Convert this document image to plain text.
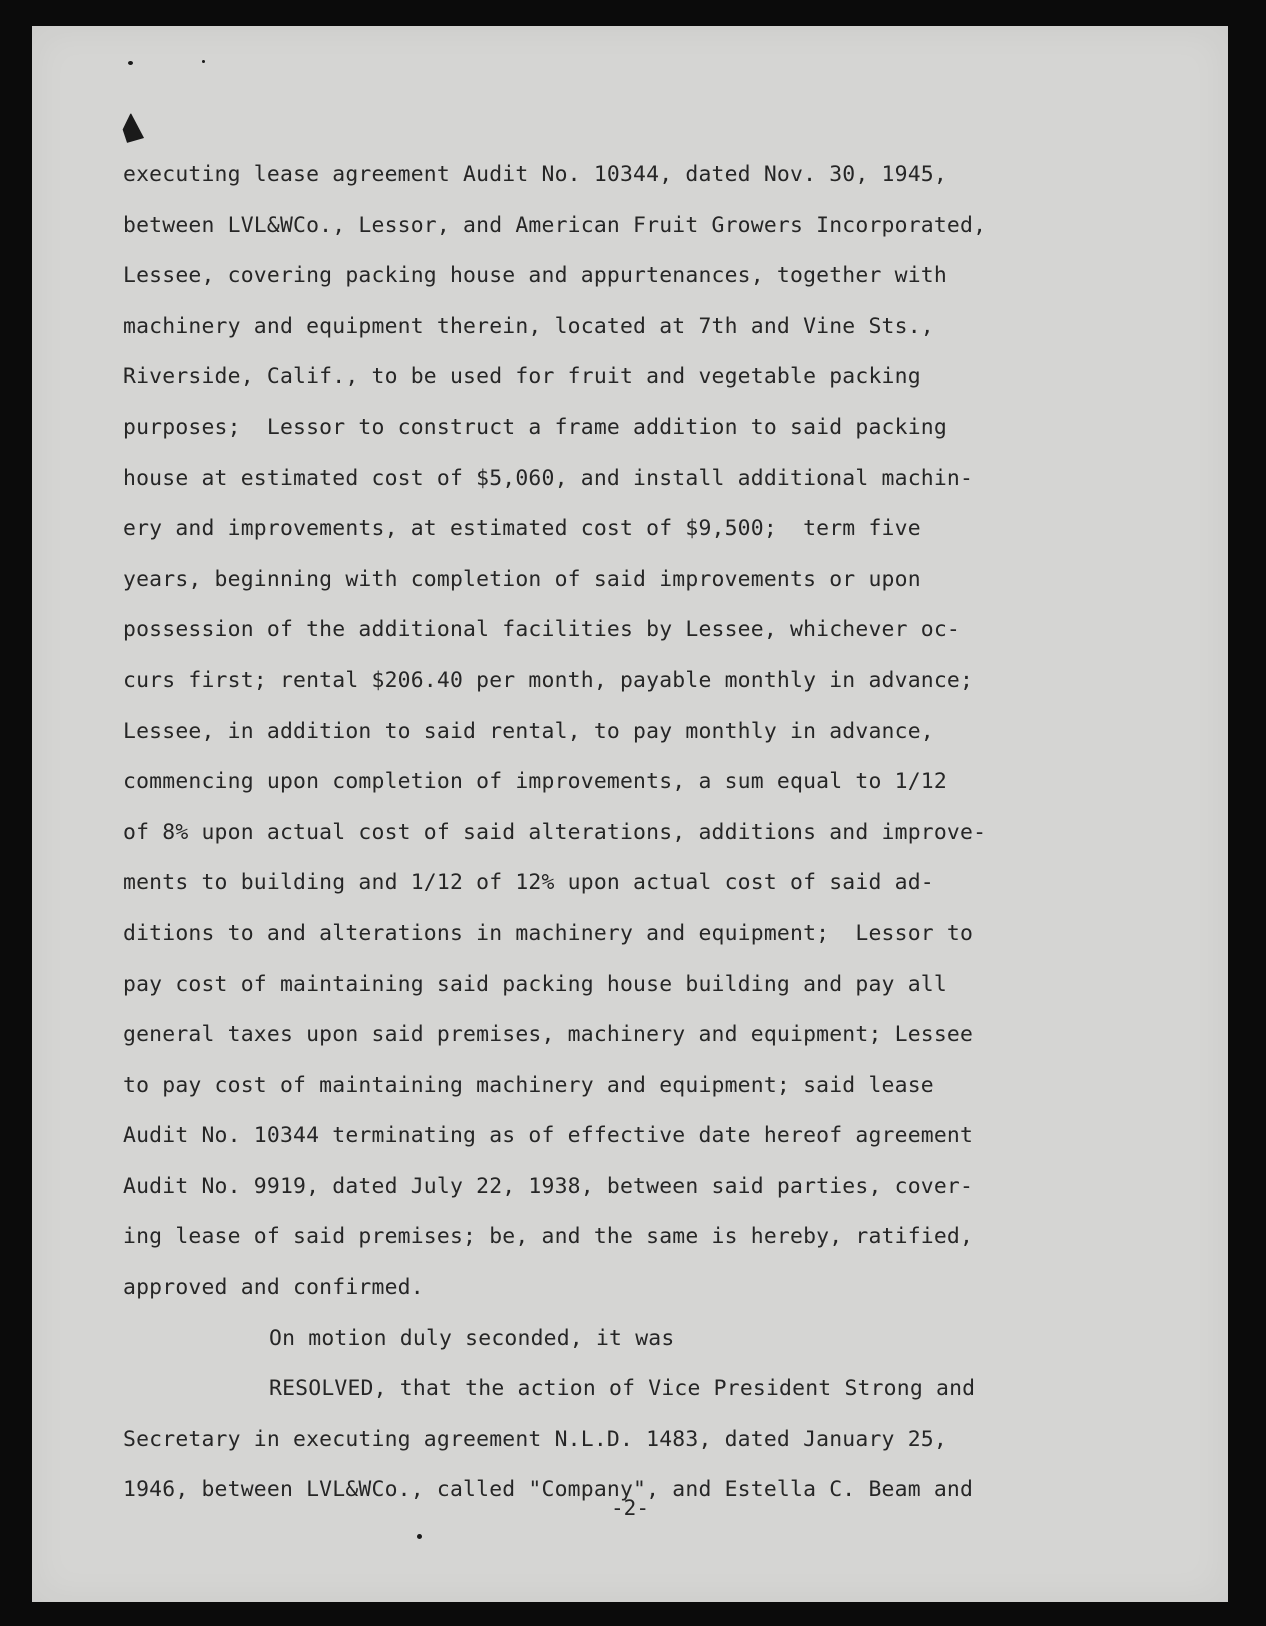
executing lease agreement Audit No. 10344, dated Nov. 30, 1945,
between LVL&WCo., Lessor, and American Fruit Growers Incorporated,
Lessee, covering packing house and appurtenances, together with
machinery and equipment therein, located at 7th and Vine Sts.,
Riverside, Calif., to be used for fruit and vegetable packing
purposes;  Lessor to construct a frame addition to said packing
house at estimated cost of $5,060, and install additional machin-
ery and improvements, at estimated cost of $9,500;  term five
years, beginning with completion of said improvements or upon
possession of the additional facilities by Lessee, whichever oc-
curs first; rental $206.40 per month, payable monthly in advance;
Lessee, in addition to said rental, to pay monthly in advance,
commencing upon completion of improvements, a sum equal to 1/12
of 8% upon actual cost of said alterations, additions and improve-
ments to building and 1/12 of 12% upon actual cost of said ad-
ditions to and alterations in machinery and equipment;  Lessor to
pay cost of maintaining said packing house building and pay all
general taxes upon said premises, machinery and equipment; Lessee
to pay cost of maintaining machinery and equipment; said lease
Audit No. 10344 terminating as of effective date hereof agreement
Audit No. 9919, dated July 22, 1938, between said parties, cover-
ing lease of said premises; be, and the same is hereby, ratified,
approved and confirmed.
On motion duly seconded, it was
RESOLVED, that the action of Vice President Strong and
Secretary in executing agreement N.L.D. 1483, dated January 25,
1946, between LVL&WCo., called "Company", and Estella C. Beam and
-2-
